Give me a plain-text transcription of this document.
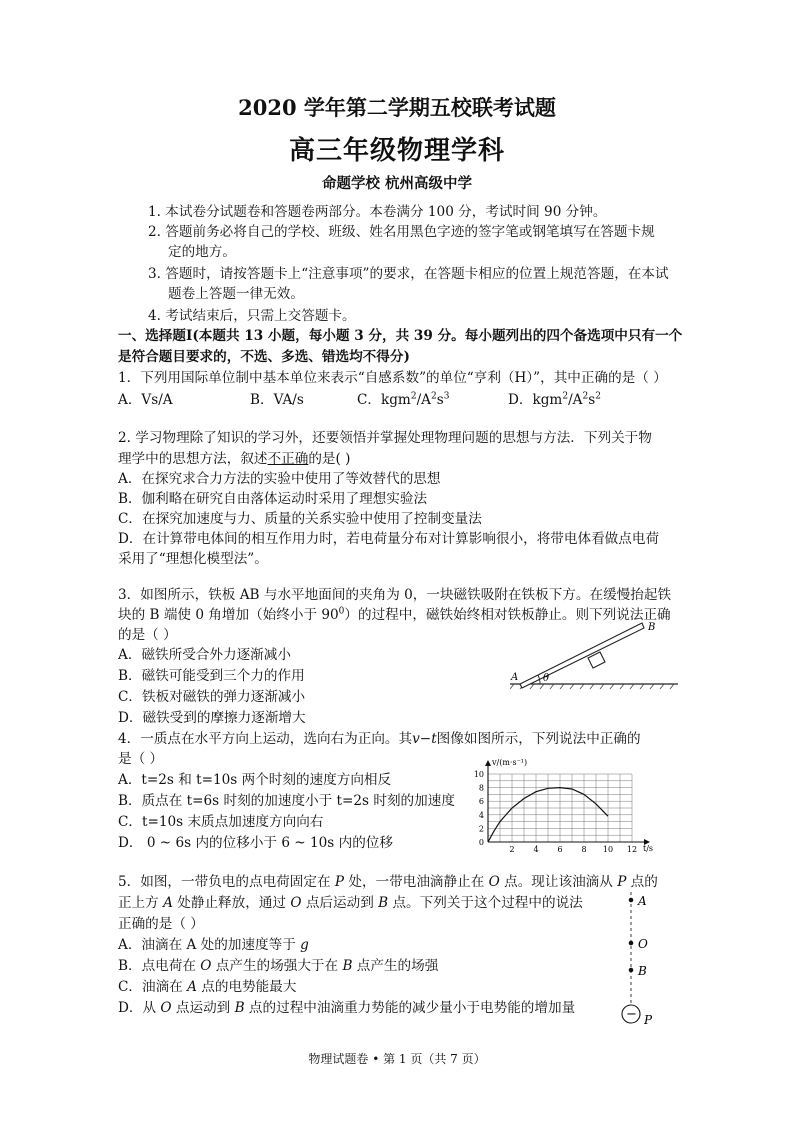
2020 学年第二学期五校联考试题
高三年级物理学科
命题学校 杭州高级中学
1. 本试卷分试题卷和答题卷两部分。本卷满分 100 分，考试时间 90 分钟。
2. 答题前务必将自己的学校、班级、姓名用黑色字迹的签字笔或钢笔填写在答题卡规
定的地方。
3. 答题时，请按答题卡上“注意事项”的要求，在答题卡相应的位置上规范答题，在本试
题卷上答题一律无效。
4. 考试结束后，只需上交答题卡。
一、选择题I(本题共 13 小题，每小题 3 分，共 39 分。每小题列出的四个备选项中只有一个
是符合题目要求的，不选、多选、错选均不得分)
1．下列用国际单位制中基本单位来表示“自感系数”的单位“亨利（H）”，其中正确的是（ ）
A．Vs/A	B．VA/s	C．$kgm^2/A^2s^3$	D．$kgm^2/A^2s^2$
2. 学习物理除了知识的学习外，还要领悟并掌握处理物理问题的思想与方法．下列关于物
理学中的思想方法，叙述不正确的是( )
A．在探究求合力方法的实验中使用了等效替代的思想
B．伽利略在研究自由落体运动时采用了理想实验法
C．在探究加速度与力、质量的关系实验中使用了控制变量法
D．在计算带电体间的相互作用力时，若电荷量分布对计算影响很小，将带电体看做点电荷
采用了“理想化模型法”。
3．如图所示，铁板 AB 与水平地面间的夹角为 0，一块磁铁吸附在铁板下方。在缓慢抬起铁
块的 B 端使 0 角增加（始终小于 $90^0$）的过程中，磁铁始终相对铁板静止。则下列说法正确
的是（ ）
A．磁铁所受合外力逐渐减小
B．磁铁可能受到三个力的作用
C．铁板对磁铁的弹力逐渐减小
D．磁铁受到的摩擦力逐渐增大
θ
A
B
4．一质点在水平方向上运动，选向右为正向。其v−t图像如图所示，下列说法中正确的
是（ ）
A．t=2s 和 t=10s 两个时刻的速度方向相反
B．质点在 t=6s 时刻的加速度小于 t=2s 时刻的加速度
C．t=10s 末质点加速度方向向右
D． 0 ~ 6s 内的位移小于 6 ~ 10s 内的位移	2 4 6 8 10 12
0
2
4
6
8
10
v/(m·s⁻¹)
t/s
5．如图，一带负电的点电荷固定在 P 处，一带电油滴静止在 O 点。现让该油滴从 P 点的
正上方 A 处静止释放，通过 O 点后运动到 B 点。下列关于这个过程中的说法
正确的是（ ）
A．油滴在 A 处的加速度等于 g
B．点电荷在 O 点产生的场强大于在 B 点产生的场强
C．油滴在 A 点的电势能最大
D．从 O 点运动到 B 点的过程中油滴重力势能的减少量小于电势能的增加量	−
A
O
B
P
物理试题卷 • 第 1 页（共 7 页）
